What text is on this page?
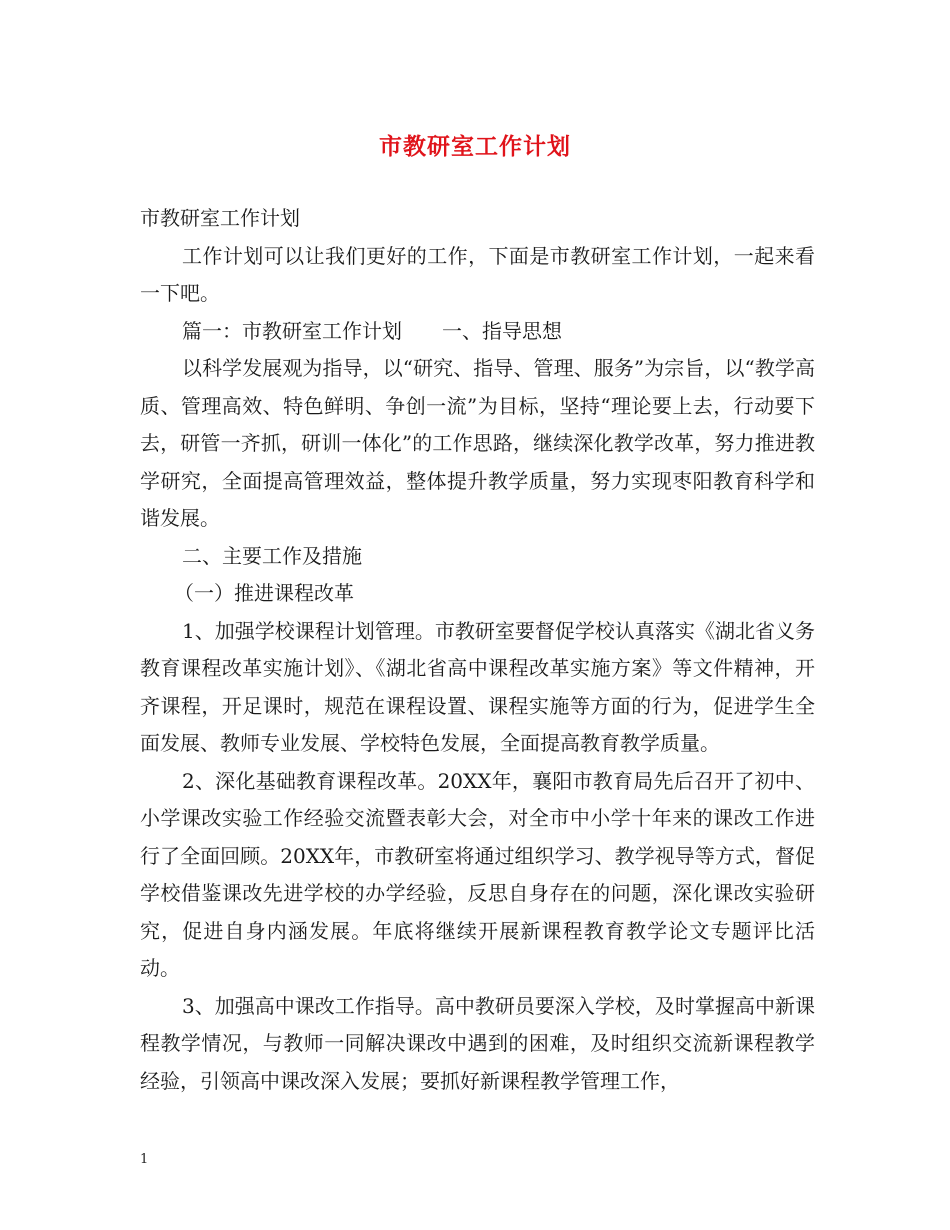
市教研室工作计划

市教研室工作计划

工作计划可以让我们更好的工作，下面是市教研室工作计划，一起来看一下吧。

篇一：市教研室工作计划　　一、指导思想

以科学发展观为指导，以“研究、指导、管理、服务”为宗旨，以“教学高质、管理高效、特色鲜明、争创一流”为目标，坚持“理论要上去，行动要下去，研管一齐抓，研训一体化”的工作思路，继续深化教学改革，努力推进教学研究，全面提高管理效益，整体提升教学质量，努力实现枣阳教育科学和谐发展。

二、主要工作及措施

（一）推进课程改革

1、加强学校课程计划管理。市教研室要督促学校认真落实《湖北省义务教育课程改革实施计划》、《湖北省高中课程改革实施方案》等文件精神，开齐课程，开足课时，规范在课程设置、课程实施等方面的行为，促进学生全面发展、教师专业发展、学校特色发展，全面提高教育教学质量。

2、深化基础教育课程改革。20XX年，襄阳市教育局先后召开了初中、小学课改实验工作经验交流暨表彰大会，对全市中小学十年来的课改工作进行了全面回顾。20XX年，市教研室将通过组织学习、教学视导等方式，督促学校借鉴课改先进学校的办学经验，反思自身存在的问题，深化课改实验研究，促进自身内涵发展。年底将继续开展新课程教育教学论文专题评比活动。

3、加强高中课改工作指导。高中教研员要深入学校，及时掌握高中新课程教学情况，与教师一同解决课改中遇到的困难，及时组织交流新课程教学经验，引领高中课改深入发展；要抓好新课程教学管理工作，

1
